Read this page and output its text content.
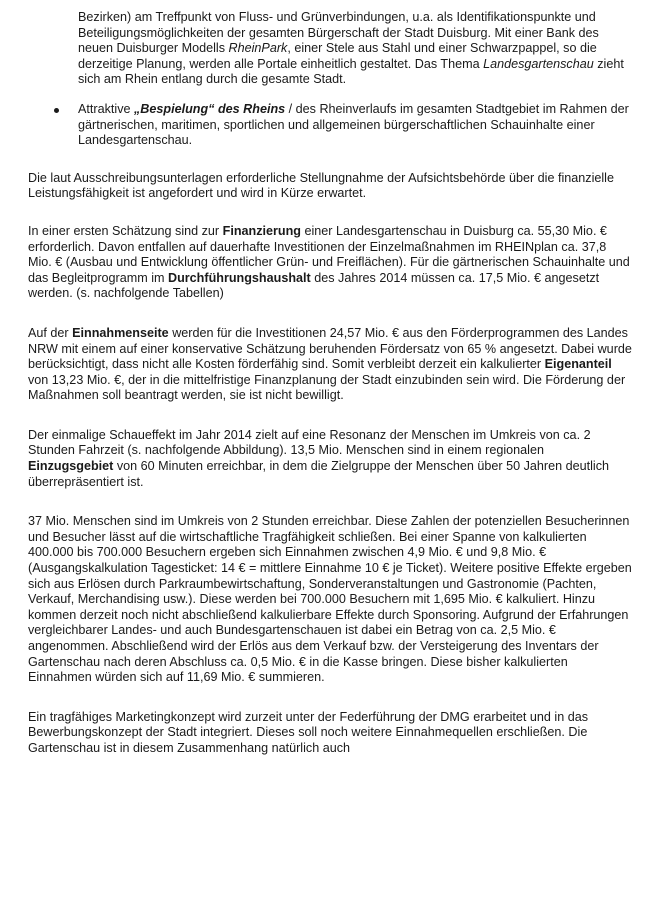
Bezirken) am Treffpunkt von Fluss- und Grünverbindungen, u.a. als Identifikationspunkte und Beteiligungsmöglichkeiten der gesamten Bürgerschaft der Stadt Duisburg. Mit einer Bank des neuen Duisburger Modells RheinPark, einer Stele aus Stahl und einer Schwarzpappel, so die derzeitige Planung, werden alle Portale einheitlich gestaltet. Das Thema Landesgartenschau zieht sich am Rhein entlang durch die gesamte Stadt.

Attraktive „Bespielung“ des Rheins / des Rheinverlaufs im gesamten Stadtgebiet im Rahmen der gärtnerischen, maritimen, sportlichen und allgemeinen bürgerschaftlichen Schauinhalte einer Landesgartenschau.

Die laut Ausschreibungsunterlagen erforderliche Stellungnahme der Aufsichtsbehörde über die finanzielle Leistungsfähigkeit ist angefordert und wird in Kürze erwartet.

In einer ersten Schätzung sind zur Finanzierung einer Landesgartenschau in Duisburg ca. 55,30 Mio. € erforderlich. Davon entfallen auf dauerhafte Investitionen der Einzelmaßnahmen im RHEINplan ca. 37,8 Mio. € (Ausbau und Entwicklung öffentlicher Grün- und Freiflächen). Für die gärtnerischen Schauinhalte und das Begleitprogramm im Durchführungshaushalt des Jahres 2014 müssen ca. 17,5 Mio. € angesetzt werden. (s. nachfolgende Tabellen)

Auf der Einnahmenseite werden für die Investitionen 24,57 Mio. € aus den Förderprogrammen des Landes NRW mit einem auf einer konservative Schätzung beruhenden Fördersatz von 65 % angesetzt. Dabei wurde berücksichtigt, dass nicht alle Kosten förderfähig sind. Somit verbleibt derzeit ein kalkulierter Eigenanteil von 13,23 Mio. €, der in die mittelfristige Finanzplanung der Stadt einzubinden sein wird. Die Förderung der Maßnahmen soll beantragt werden, sie ist nicht bewilligt.

Der einmalige Schaueffekt im Jahr 2014 zielt auf eine Resonanz der Menschen im Umkreis von ca. 2 Stunden Fahrzeit (s. nachfolgende Abbildung). 13,5 Mio. Menschen sind in einem regionalen Einzugsgebiet von 60 Minuten erreichbar, in dem die Zielgruppe der Menschen über 50 Jahren deutlich überrepräsentiert ist.

37 Mio. Menschen sind im Umkreis von 2 Stunden erreichbar. Diese Zahlen der potenziellen Besucherinnen und Besucher lässt auf die wirtschaftliche Tragfähigkeit schließen. Bei einer Spanne von kalkulierten 400.000 bis 700.000 Besuchern ergeben sich Einnahmen zwischen 4,9 Mio. € und 9,8 Mio. € (Ausgangskalkulation Tagesticket: 14 € = mittlere Einnahme 10 € je Ticket). Weitere positive Effekte ergeben sich aus Erlösen durch Parkraumbewirtschaftung, Sonderveranstaltungen und Gastronomie (Pachten, Verkauf, Merchandising usw.). Diese werden bei 700.000 Besuchern mit 1,695 Mio. € kalkuliert. Hinzu kommen derzeit noch nicht abschließend kalkulierbare Effekte durch Sponsoring. Aufgrund der Erfahrungen vergleichbarer Landes- und auch Bundesgartenschauen ist dabei ein Betrag von ca. 2,5 Mio. € angenommen. Abschließend wird der Erlös aus dem Verkauf bzw. der Versteigerung des Inventars der Gartenschau nach deren Abschluss ca. 0,5 Mio. € in die Kasse bringen. Diese bisher kalkulierten Einnahmen würden sich auf 11,69 Mio. € summieren.

Ein tragfähiges Marketingkonzept wird zurzeit unter der Federführung der DMG erarbeitet und in das Bewerbungskonzept der Stadt integriert. Dieses soll noch weitere Einnahmequellen erschließen. Die Gartenschau ist in diesem Zusammenhang natürlich auch
